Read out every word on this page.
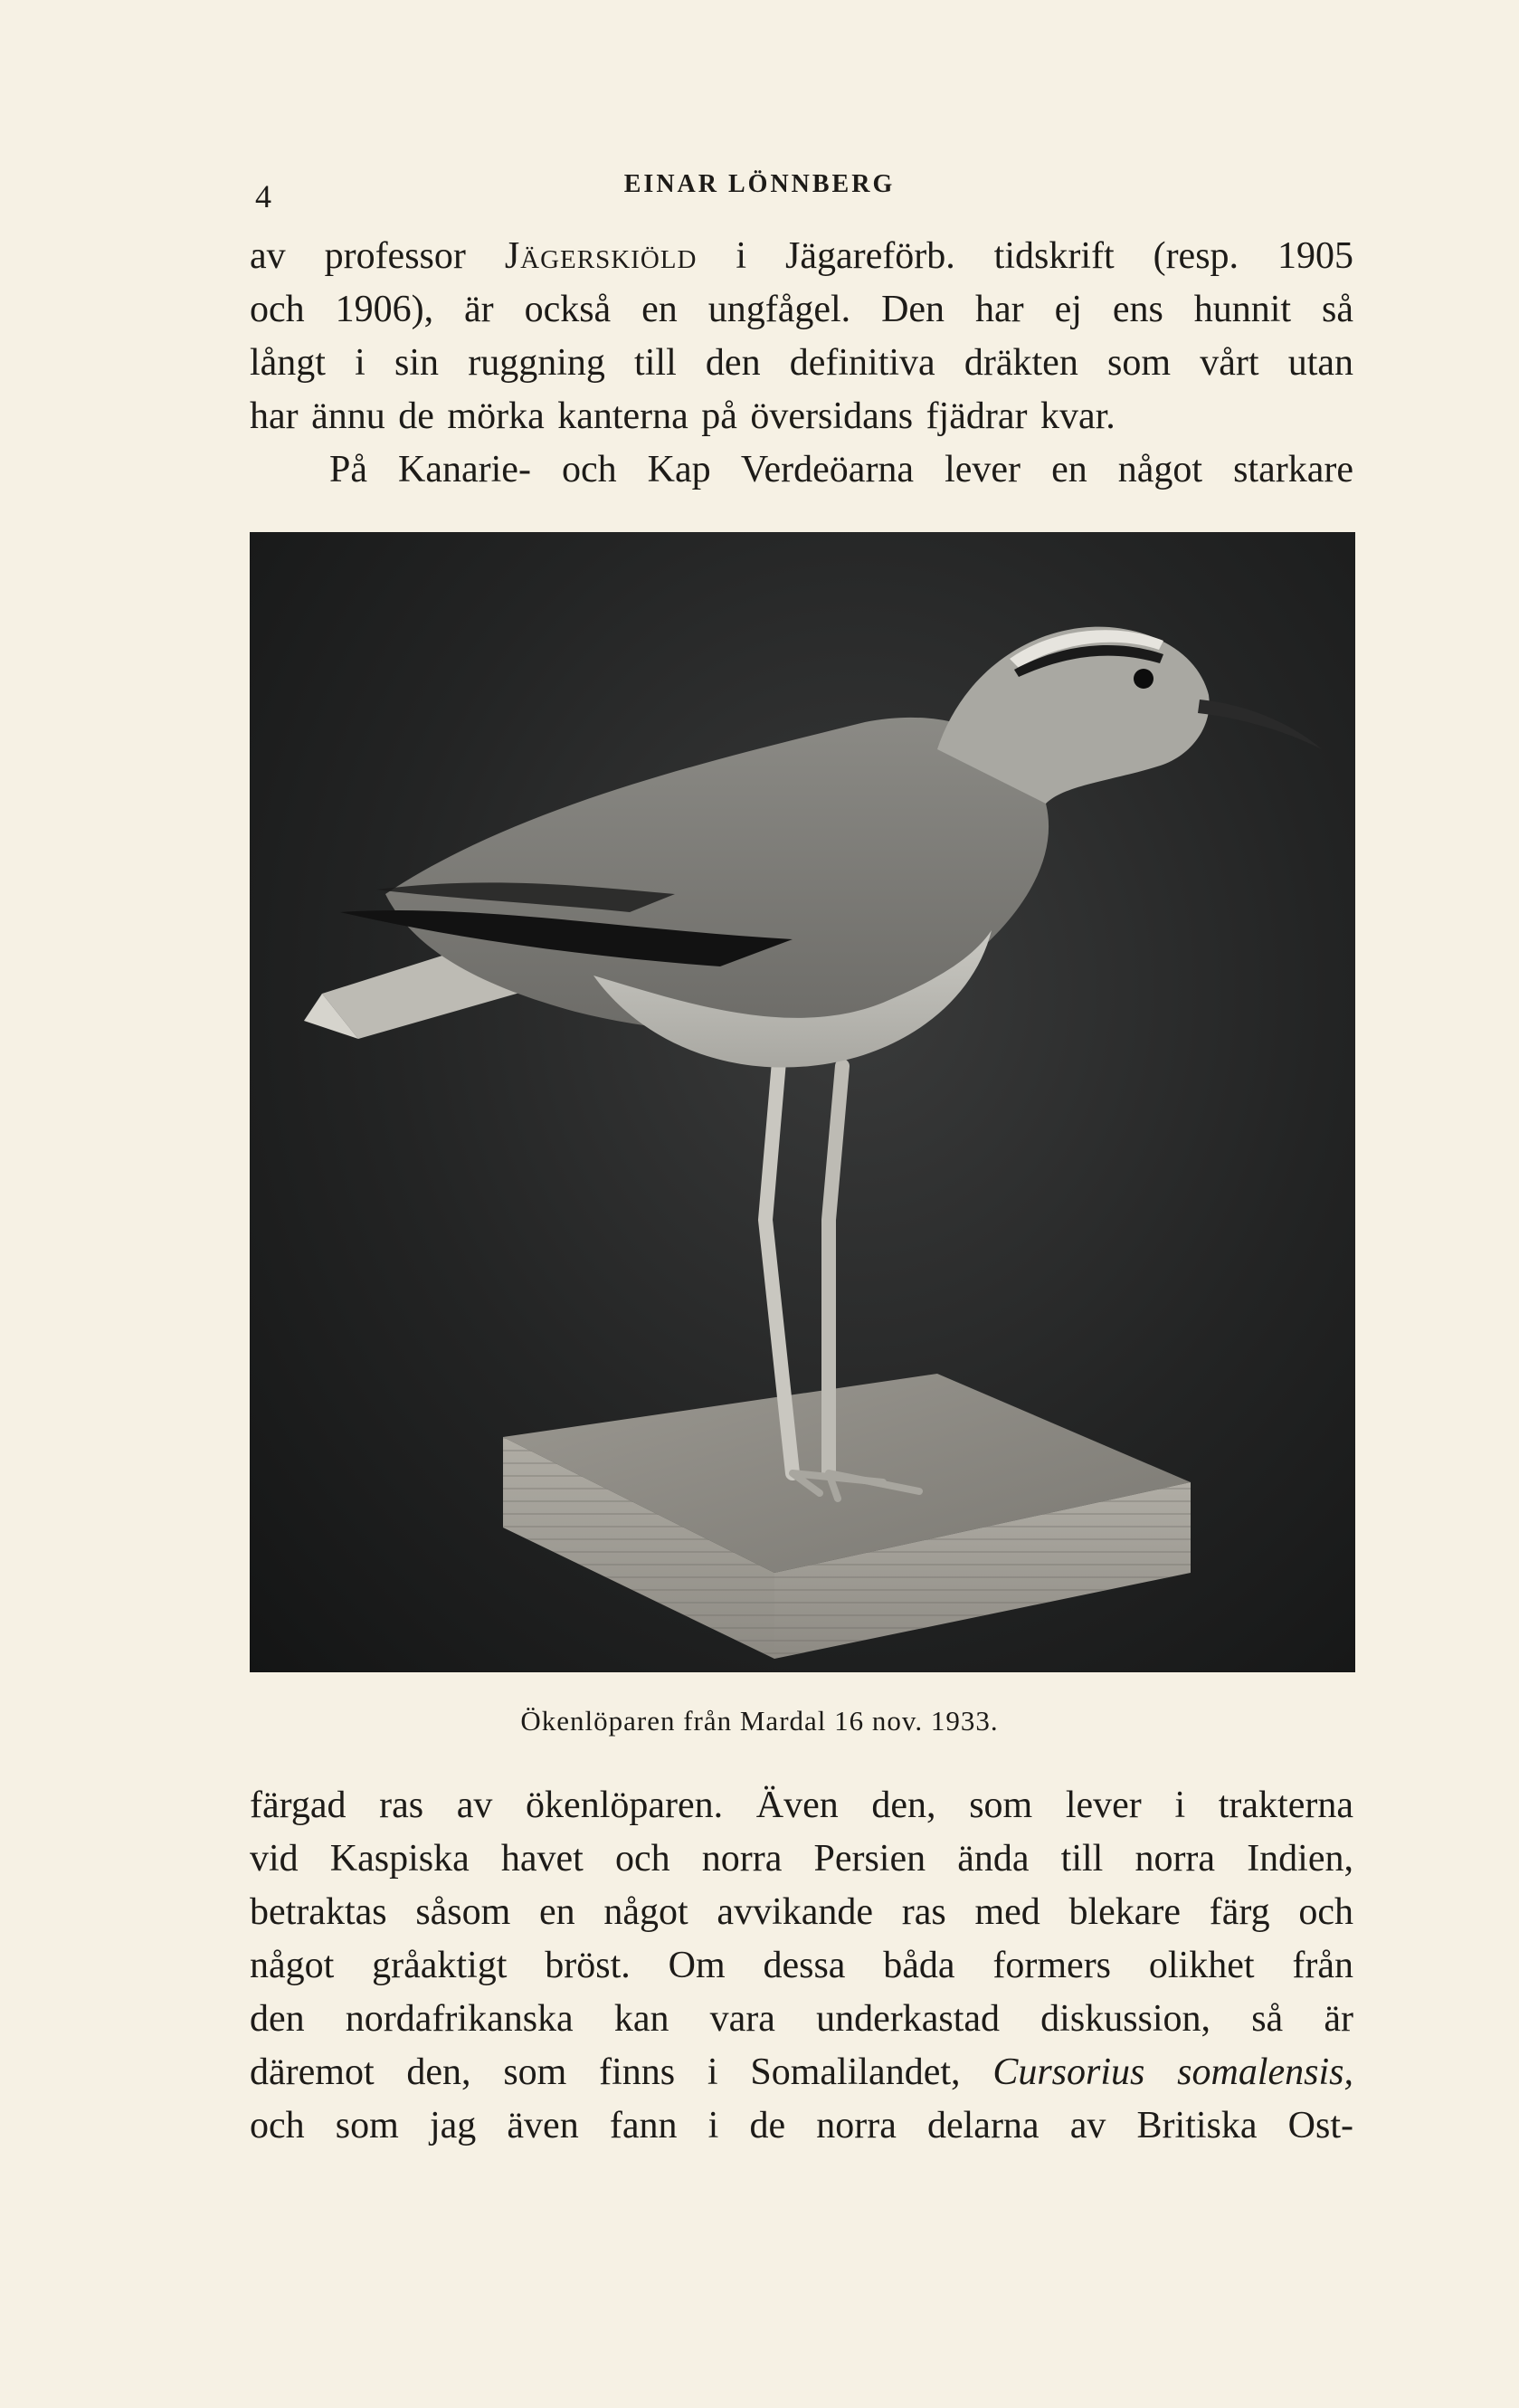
4	EINAR LÖNNBERG

av professor Jägerskiöld i Jägareförb. tidskrift (resp. 1905
och 1906), är också en ungfågel. Den har ej ens hunnit så
långt i sin ruggning till den definitiva dräkten som vårt utan
har ännu de mörka kanterna på översidans fjädrar kvar.

På Kanarie- och Kap Verdeöarna lever en något starkare

Ökenlöparen från Mardal 16 nov. 1933.

färgad ras av ökenlöparen. Även den, som lever i trakterna
vid Kaspiska havet och norra Persien ända till norra Indien,
betraktas såsom en något avvikande ras med blekare färg och
något gråaktigt bröst. Om dessa båda formers olikhet från
den nordafrikanska kan vara underkastad diskussion, så är
däremot den, som finns i Somalilandet, Cursorius somalensis,
och som jag även fann i de norra delarna av Britiska Ost-
